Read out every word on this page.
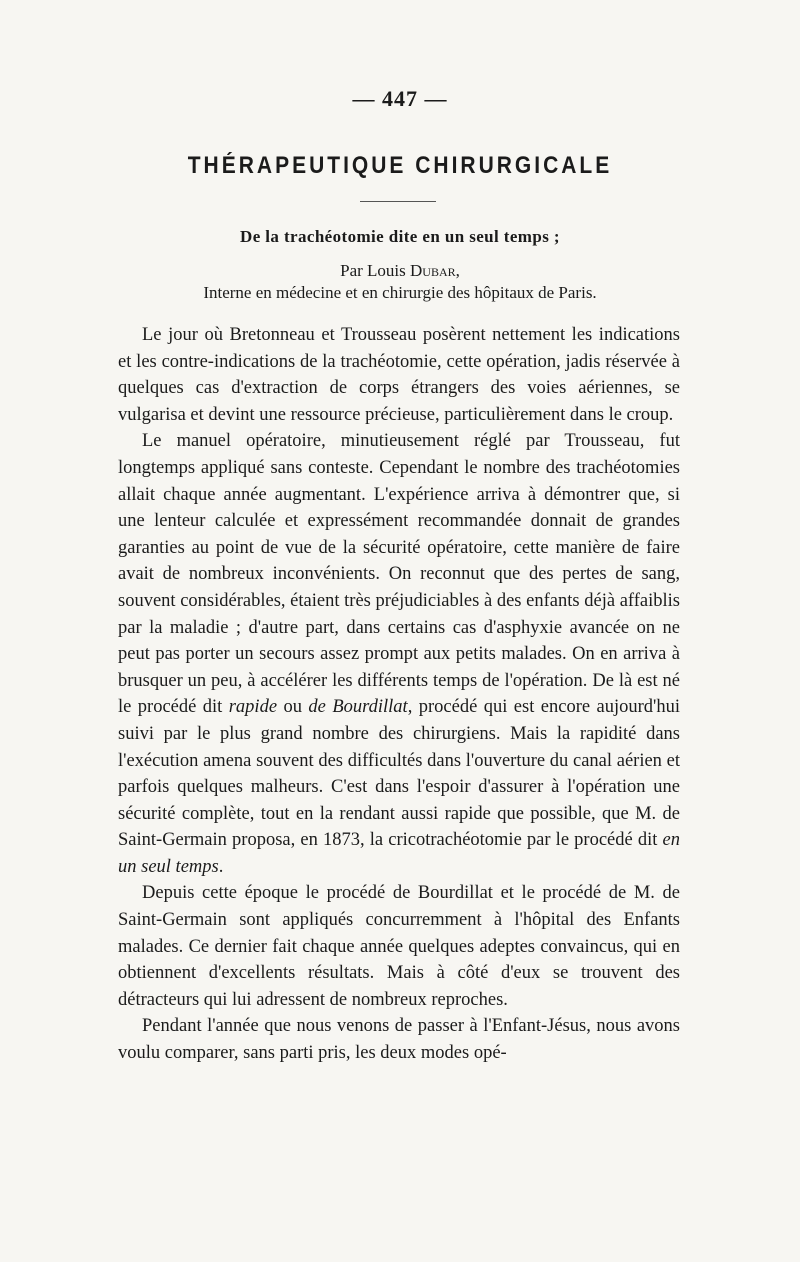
— 447 —
THÉRAPEUTIQUE CHIRURGICALE
De la trachéotomie dite en un seul temps ;
Par Louis Dubar,
Interne en médecine et en chirurgie des hôpitaux de Paris.

Le jour où Bretonneau et Trousseau posèrent nettement les indications et les contre-indications de la trachéotomie, cette opération, jadis réservée à quelques cas d'extraction de corps étrangers des voies aériennes, se vulgarisa et devint une ressource précieuse, particulièrement dans le croup.

Le manuel opératoire, minutieusement réglé par Trousseau, fut longtemps appliqué sans conteste. Cependant le nombre des trachéotomies allait chaque année augmentant. L'expérience arriva à démontrer que, si une lenteur calculée et expressément recommandée donnait de grandes garanties au point de vue de la sécurité opératoire, cette manière de faire avait de nombreux inconvénients. On reconnut que des pertes de sang, souvent considérables, étaient très préjudiciables à des enfants déjà affaiblis par la maladie ; d'autre part, dans certains cas d'asphyxie avancée on ne peut pas porter un secours assez prompt aux petits malades. On en arriva à brusquer un peu, à accélérer les différents temps de l'opération. De là est né le procédé dit rapide ou de Bourdillat, procédé qui est encore aujourd'hui suivi par le plus grand nombre des chirurgiens. Mais la rapidité dans l'exécution amena souvent des difficultés dans l'ouverture du canal aérien et parfois quelques malheurs. C'est dans l'espoir d'assurer à l'opération une sécurité complète, tout en la rendant aussi rapide que possible, que M. de Saint-Germain proposa, en 1873, la cricotrachéotomie par le procédé dit en un seul temps.

Depuis cette époque le procédé de Bourdillat et le procédé de M. de Saint-Germain sont appliqués concurremment à l'hôpital des Enfants malades. Ce dernier fait chaque année quelques adeptes convaincus, qui en obtiennent d'excellents résultats. Mais à côté d'eux se trouvent des détracteurs qui lui adressent de nombreux reproches.

Pendant l'année que nous venons de passer à l'Enfant-Jésus, nous avons voulu comparer, sans parti pris, les deux modes opé-
